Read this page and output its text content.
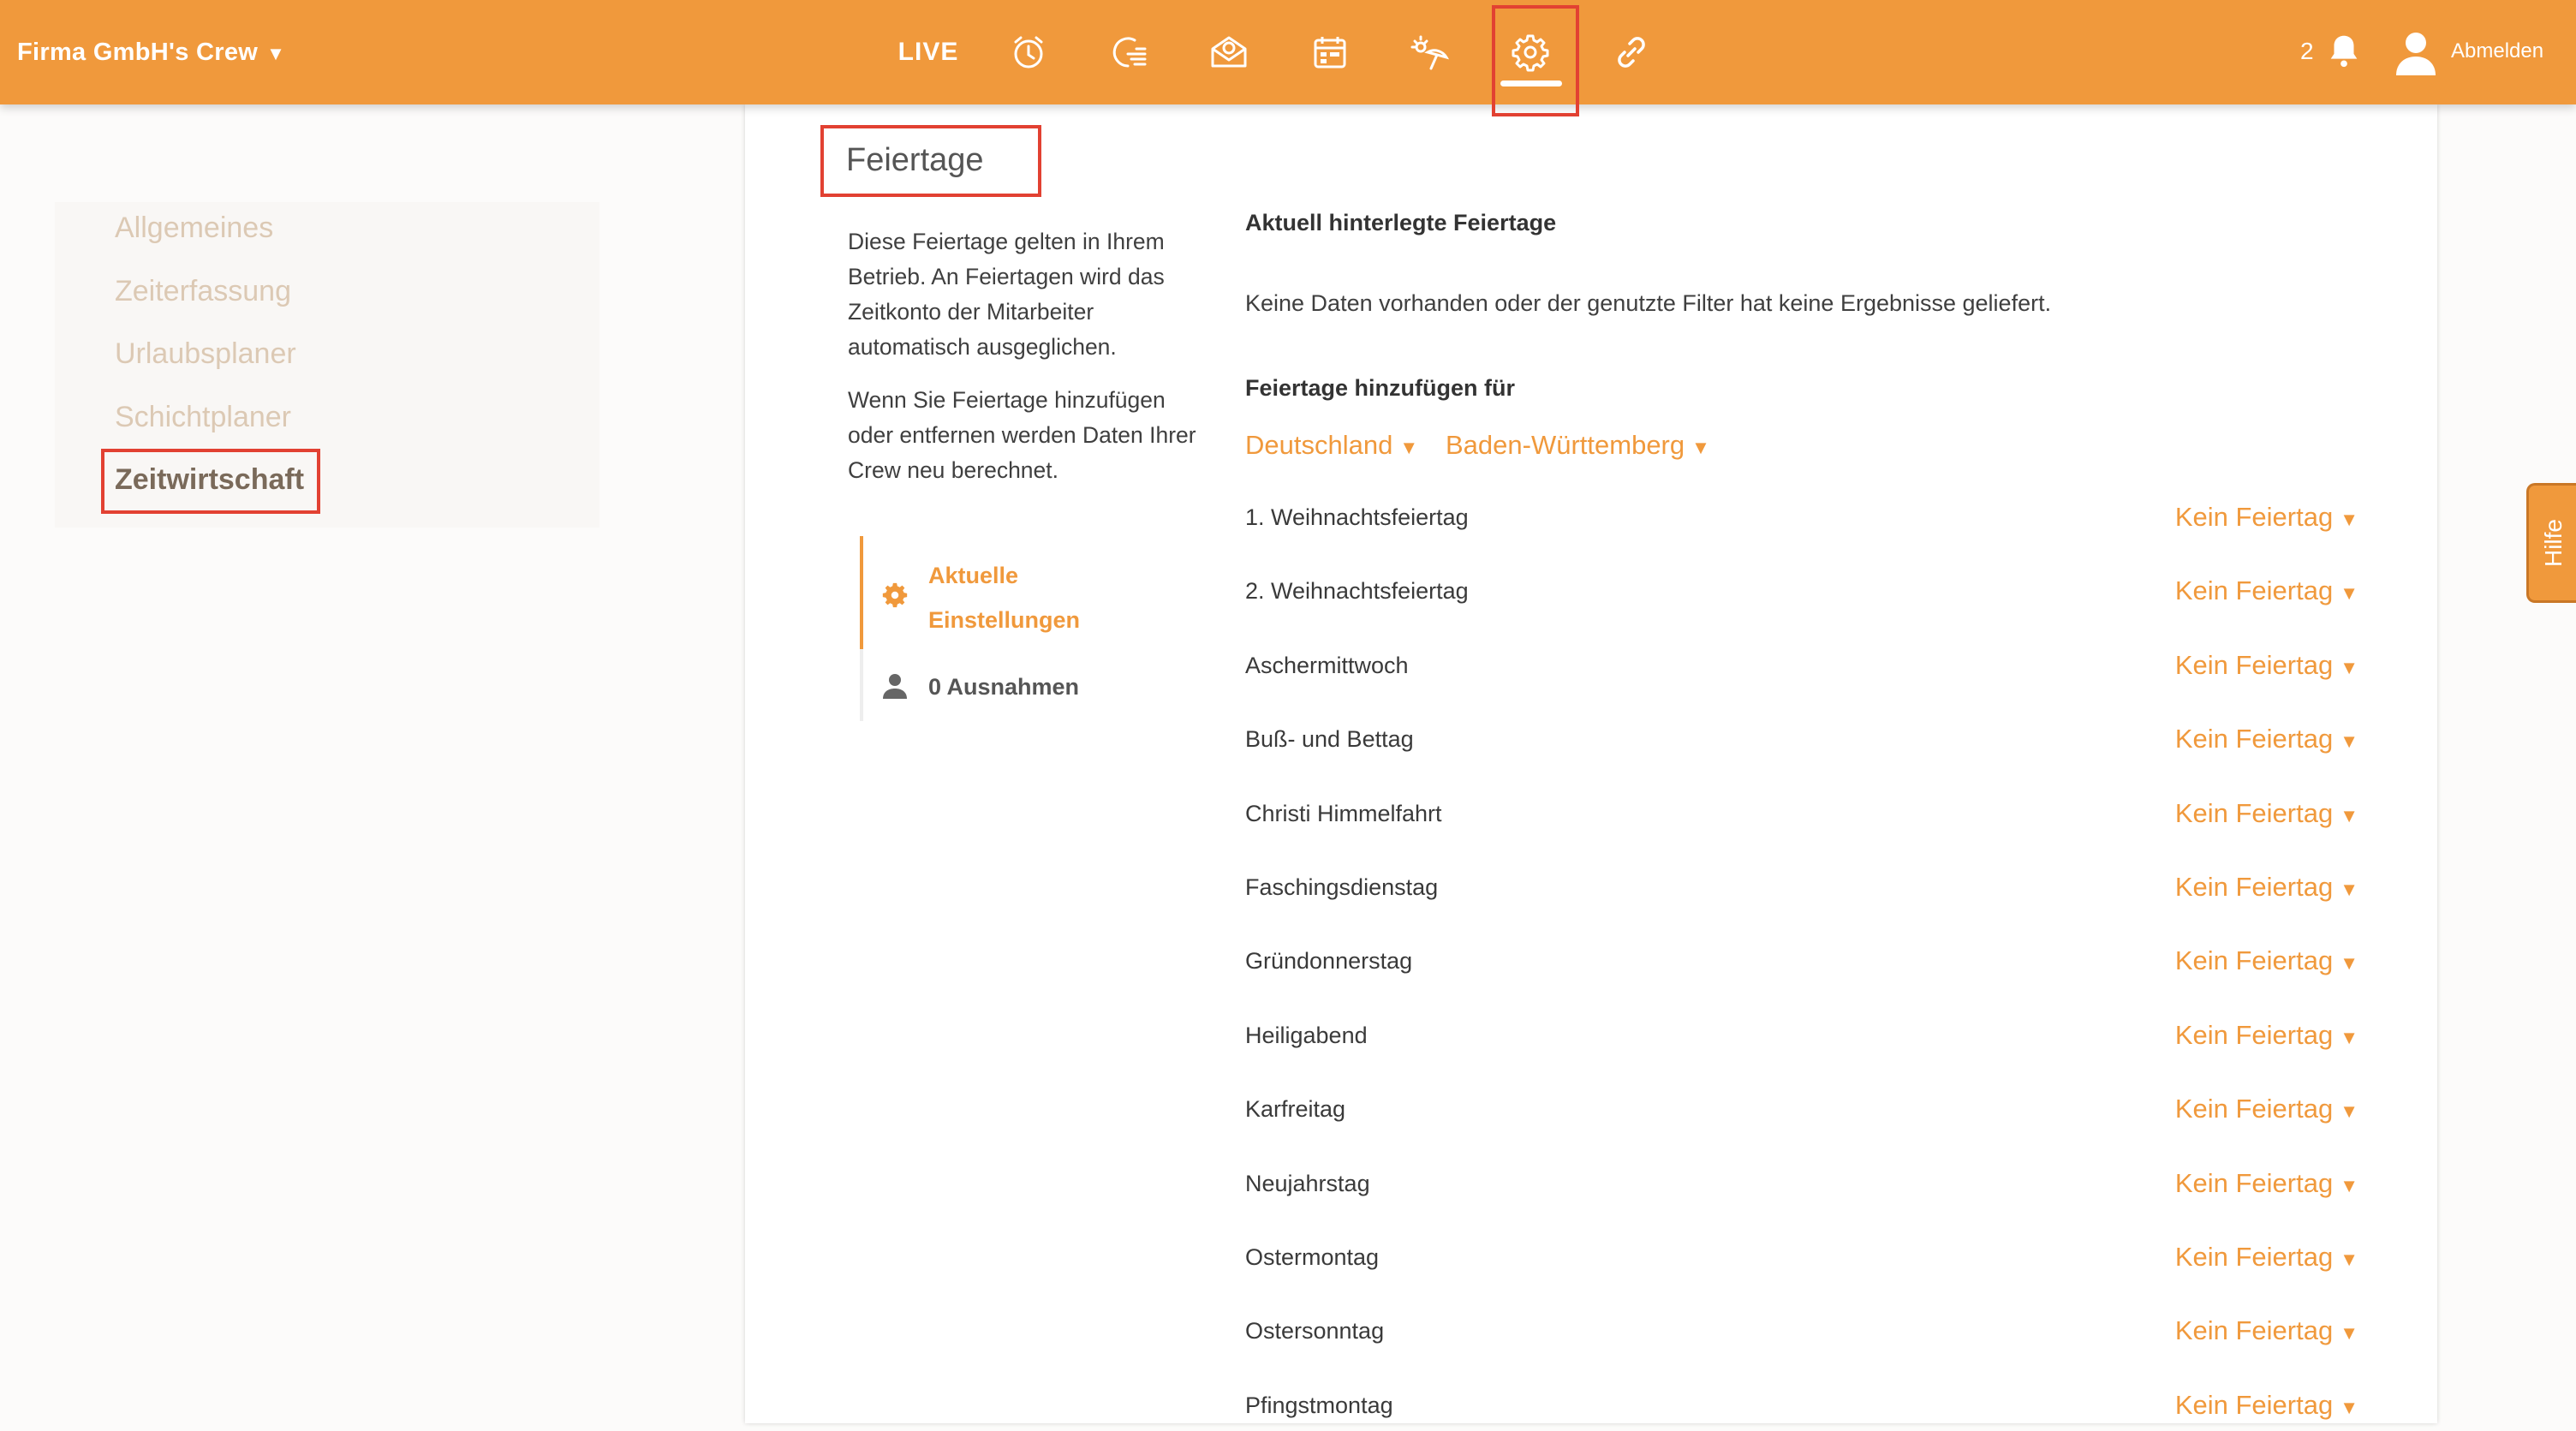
Firma GmbH's Crew ▼	LIVE	2	Abmelden
Allgemeines
Zeiterfassung
Urlaubsplaner
Schichtplaner
Zeitwirtschaft
Feiertage
Diese Feiertage gelten in Ihrem Betrieb. An Feiertagen wird das Zeitkonto der Mitarbeiter automatisch ausgeglichen.
Wenn Sie Feiertage hinzufügen oder entfernen werden Daten Ihrer Crew neu berechnet.
Aktuelle Einstellungen
0 Ausnahmen
Aktuell hinterlegte Feiertage
Keine Daten vorhanden oder der genutzte Filter hat keine Ergebnisse geliefert.
Feiertage hinzufügen für
Deutschland ▼ Baden-Württemberg ▼
1. Weihnachtsfeiertag	Kein Feiertag ▼
2. Weihnachtsfeiertag	Kein Feiertag ▼
Aschermittwoch	Kein Feiertag ▼
Buß- und Bettag	Kein Feiertag ▼
Christi Himmelfahrt	Kein Feiertag ▼
Faschingsdienstag	Kein Feiertag ▼
Gründonnerstag	Kein Feiertag ▼
Heiligabend	Kein Feiertag ▼
Karfreitag	Kein Feiertag ▼
Neujahrstag	Kein Feiertag ▼
Ostermontag	Kein Feiertag ▼
Ostersonntag	Kein Feiertag ▼
Pfingstmontag	Kein Feiertag ▼
Hilfe
